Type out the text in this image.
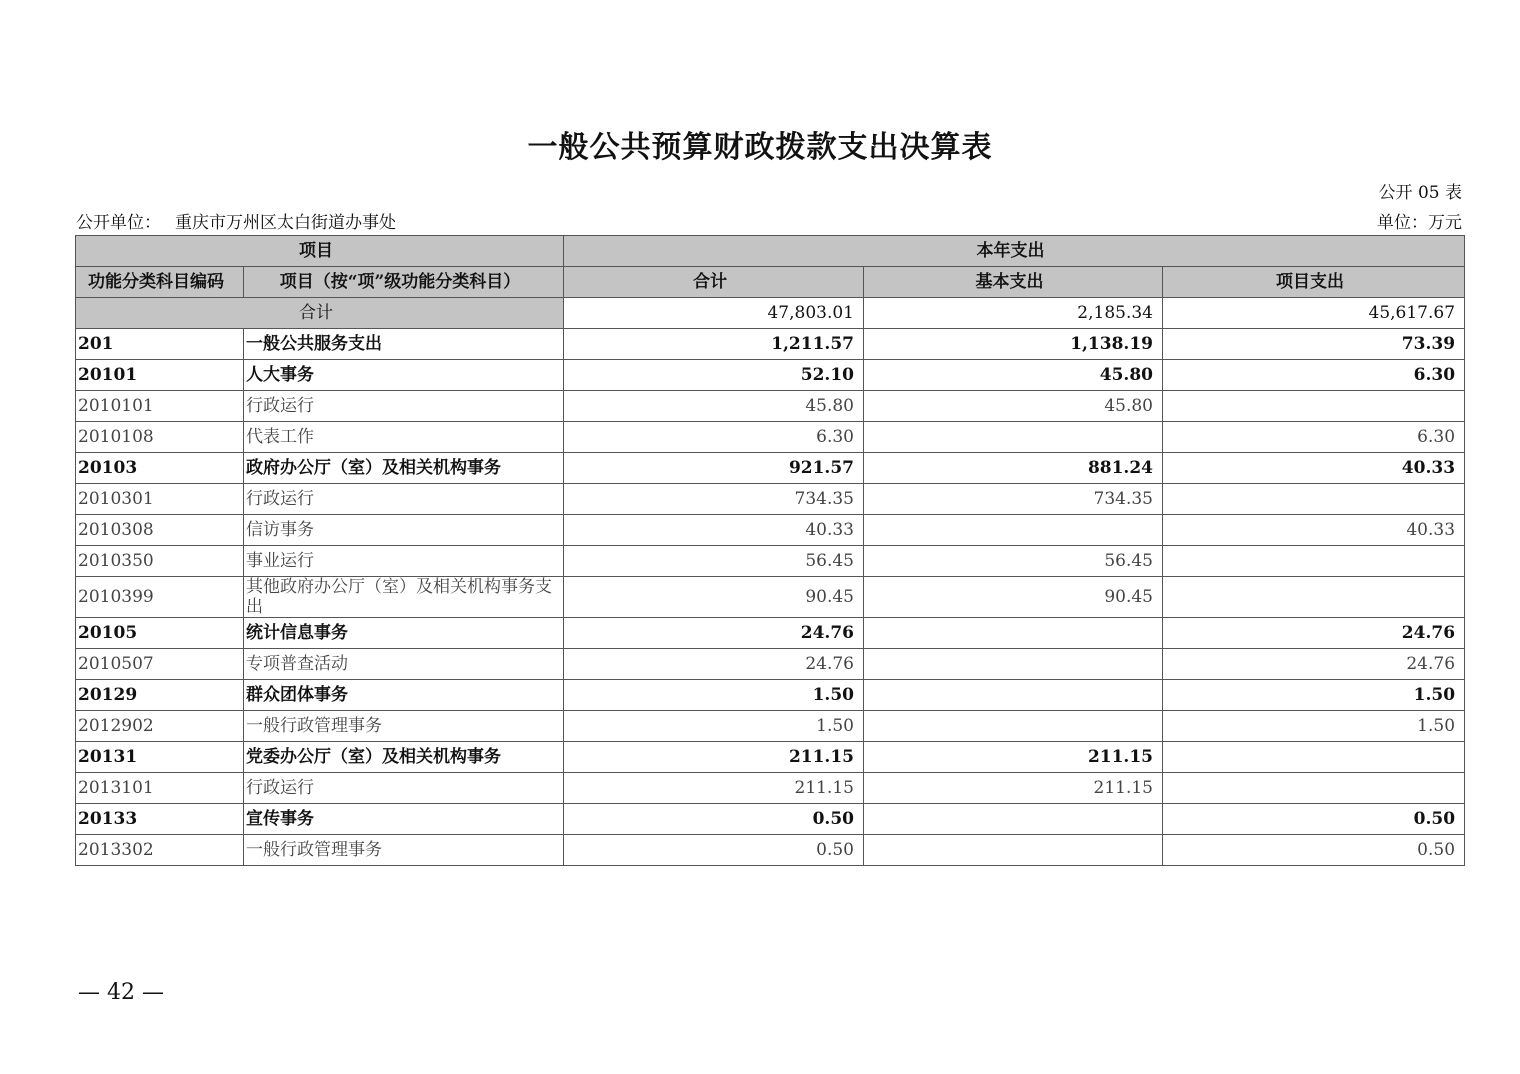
一般公共预算财政拨款支出决算表
公开 05 表
公开单位： 重庆市万州区太白街道办事处	单位：万元
项目		本年支出		
功能分类科目编码	项目（按“项”级功能分类科目）	合计	基本支出	项目支出
合计		47,803.01	2,185.34	45,617.67
201	一般公共服务支出	1,211.57	1,138.19	73.39
20101	人大事务	52.10	45.80	6.30
2010101	行政运行	45.80	45.80	
2010108	代表工作	6.30		6.30
20103	政府办公厅（室）及相关机构事务	921.57	881.24	40.33
2010301	行政运行	734.35	734.35	
2010308	信访事务	40.33		40.33
2010350	事业运行	56.45	56.45	
2010399	其他政府办公厅（室）及相关机构事务支出	90.45	90.45	
20105	统计信息事务	24.76		24.76
2010507	专项普查活动	24.76		24.76
20129	群众团体事务	1.50		1.50
2012902	一般行政管理事务	1.50		1.50
20131	党委办公厅（室）及相关机构事务	211.15	211.15	
2013101	行政运行	211.15	211.15	
20133	宣传事务	0.50		0.50
2013302	一般行政管理事务	0.50		0.50
— 42 —
